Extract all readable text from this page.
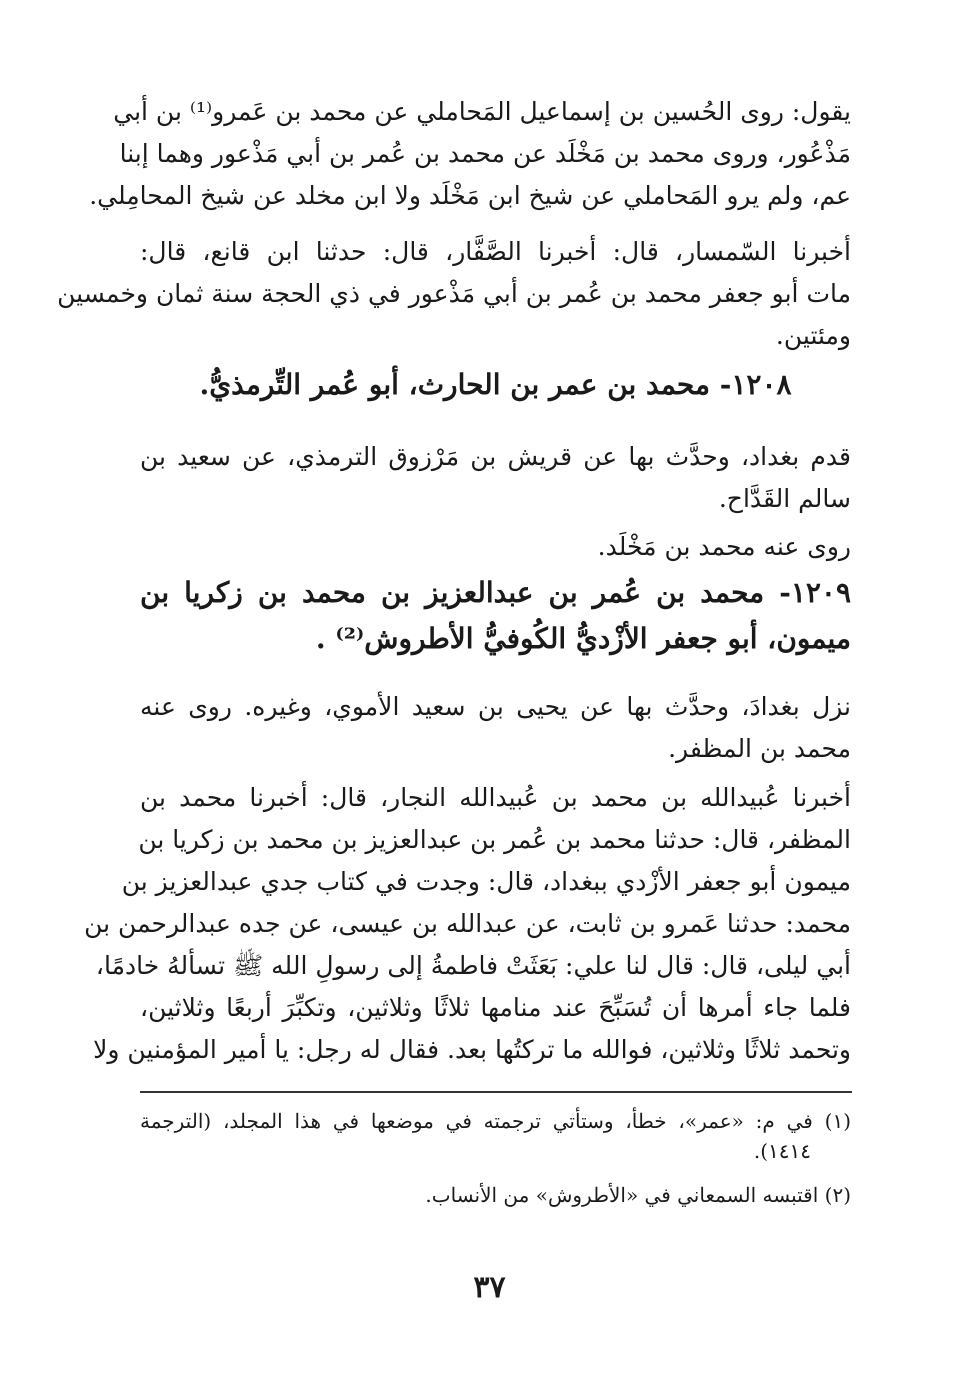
يقول: روى الحُسين بن إسماعيل المَحاملي عن محمد بن عَمرو⁽¹⁾ بن أبي
مَذْعُور، وروى محمد بن مَخْلَد عن محمد بن عُمر بن أبي مَذْعور وهما إبنا
عم، ولم يرو المَحاملي عن شيخ ابن مَخْلَد ولا ابن مخلد عن شيخ المحامِلي.
أخبرنا السّمسار، قال: أخبرنا الصَّفَّار، قال: حدثنا ابن قانع، قال:
مات أبو جعفر محمد بن عُمر بن أبي مَذْعور في ذي الحجة سنة ثمان وخمسين
ومئتين.
١٢٠٨- محمد بن عمر بن الحارث، أبو عُمر التِّرمذيُّ.
قدم بغداد، وحدَّث بها عن قريش بن مَرْزوق الترمذي، عن سعيد بن
سالم القَدَّاح.
روى عنه محمد بن مَخْلَد.
١٢٠٩- محمد بن عُمر بن عبدالعزيز بن محمد بن زكريا بن
ميمون، أبو جعفر الأزْديُّ الكُوفيُّ الأطروش⁽²⁾ .
نزل بغدادَ، وحدَّث بها عن يحيى بن سعيد الأموي، وغيره. روى عنه
محمد بن المظفر.
أخبرنا عُبيدالله بن محمد بن عُبيدالله النجار، قال: أخبرنا محمد بن
المظفر، قال: حدثنا محمد بن عُمر بن عبدالعزيز بن محمد بن زكريا بن
ميمون أبو جعفر الأزْدي ببغداد، قال: وجدت في كتاب جدي عبدالعزيز بن
محمد: حدثنا عَمرو بن ثابت، عن عبدالله بن عيسى، عن جده عبدالرحمن بن
أبي ليلى، قال: قال لنا علي: بَعَثَتْ فاطمةُ إلى رسولِ الله ﷺ تسألهُ خادمًا،
فلما جاء أمرها أن تُسَبِّحَ عند منامها ثلاثًا وثلاثين، وتكبِّرَ أربعًا وثلاثين،
وتحمد ثلاثًا وثلاثين، فوالله ما تركتُها بعد. فقال له رجل: يا أمير المؤمنين ولا
(١) في م: «عمر»، خطأ، وستأتي ترجمته في موضعها في هذا المجلد، (الترجمة
١٤١٤).
(٢) اقتبسه السمعاني في «الأطروش» من الأنساب.
٣٧
